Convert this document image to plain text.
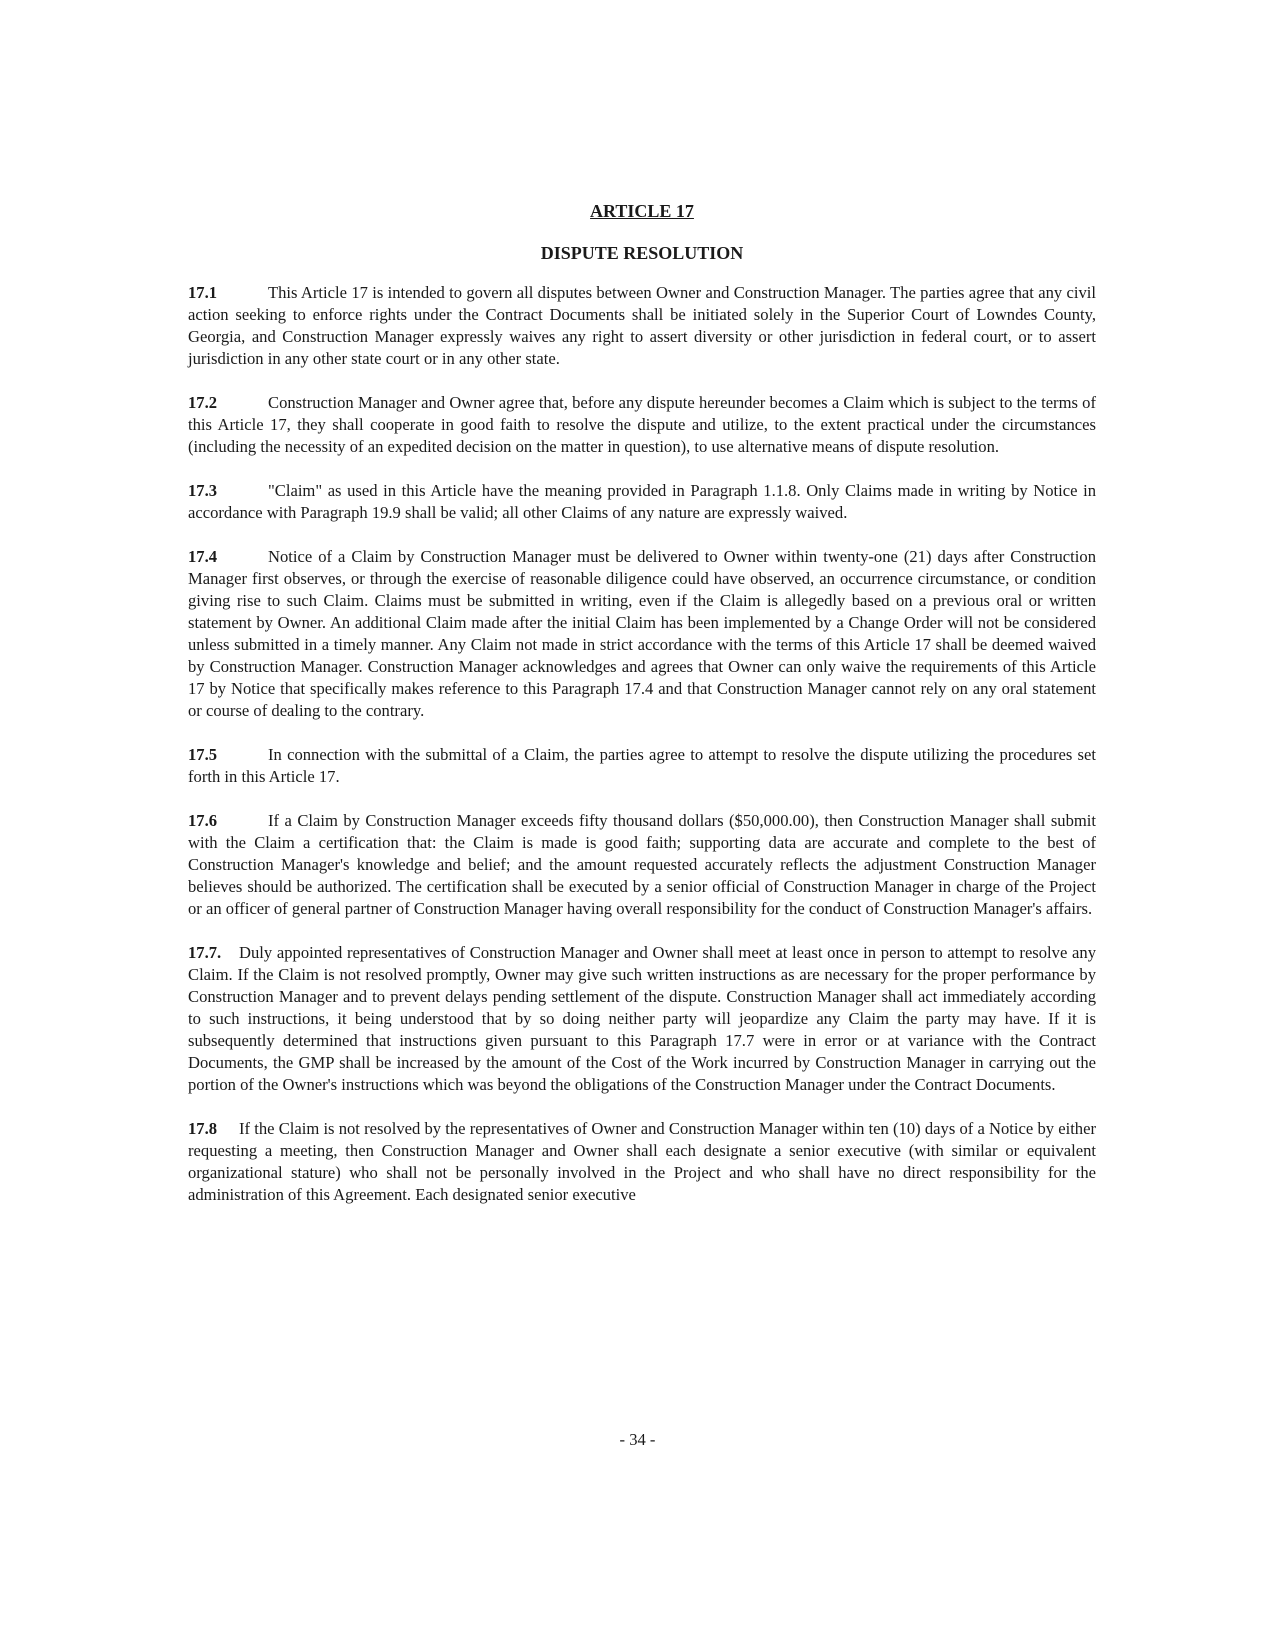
ARTICLE 17
DISPUTE RESOLUTION

17.1	This Article 17 is intended to govern all disputes between Owner and Construction Manager. The parties agree that any civil action seeking to enforce rights under the Contract Documents shall be initiated solely in the Superior Court of Lowndes County, Georgia, and Construction Manager expressly waives any right to assert diversity or other jurisdiction in federal court, or to assert jurisdiction in any other state court or in any other state.

17.2	Construction Manager and Owner agree that, before any dispute hereunder becomes a Claim which is subject to the terms of this Article 17, they shall cooperate in good faith to resolve the dispute and utilize, to the extent practical under the circumstances (including the necessity of an expedited decision on the matter in question), to use alternative means of dispute resolution.

17.3	"Claim" as used in this Article have the meaning provided in Paragraph 1.1.8. Only Claims made in writing by Notice in accordance with Paragraph 19.9 shall be valid; all other Claims of any nature are expressly waived.

17.4	Notice of a Claim by Construction Manager must be delivered to Owner within twenty-one (21) days after Construction Manager first observes, or through the exercise of reasonable diligence could have observed, an occurrence circumstance, or condition giving rise to such Claim. Claims must be submitted in writing, even if the Claim is allegedly based on a previous oral or written statement by Owner. An additional Claim made after the initial Claim has been implemented by a Change Order will not be considered unless submitted in a timely manner. Any Claim not made in strict accordance with the terms of this Article 17 shall be deemed waived by Construction Manager. Construction Manager acknowledges and agrees that Owner can only waive the requirements of this Article 17 by Notice that specifically makes reference to this Paragraph 17.4 and that Construction Manager cannot rely on any oral statement or course of dealing to the contrary.

17.5	In connection with the submittal of a Claim, the parties agree to attempt to resolve the dispute utilizing the procedures set forth in this Article 17.

17.6	If a Claim by Construction Manager exceeds fifty thousand dollars ($50,000.00), then Construction Manager shall submit with the Claim a certification that: the Claim is made is good faith; supporting data are accurate and complete to the best of Construction Manager's knowledge and belief; and the amount requested accurately reflects the adjustment Construction Manager believes should be authorized. The certification shall be executed by a senior official of Construction Manager in charge of the Project or an officer of general partner of Construction Manager having overall responsibility for the conduct of Construction Manager's affairs.

17.7. Duly appointed representatives of Construction Manager and Owner shall meet at least once in person to attempt to resolve any Claim. If the Claim is not resolved promptly, Owner may give such written instructions as are necessary for the proper performance by Construction Manager and to prevent delays pending settlement of the dispute. Construction Manager shall act immediately according to such instructions, it being understood that by so doing neither party will jeopardize any Claim the party may have. If it is subsequently determined that instructions given pursuant to this Paragraph 17.7 were in error or at variance with the Contract Documents, the GMP shall be increased by the amount of the Cost of the Work incurred by Construction Manager in carrying out the portion of the Owner's instructions which was beyond the obligations of the Construction Manager under the Contract Documents.

17.8 If the Claim is not resolved by the representatives of Owner and Construction Manager within ten (10) days of a Notice by either requesting a meeting, then Construction Manager and Owner shall each designate a senior executive (with similar or equivalent organizational stature) who shall not be personally involved in the Project and who shall have no direct responsibility for the administration of this Agreement. Each designated senior executive

- 34 -
